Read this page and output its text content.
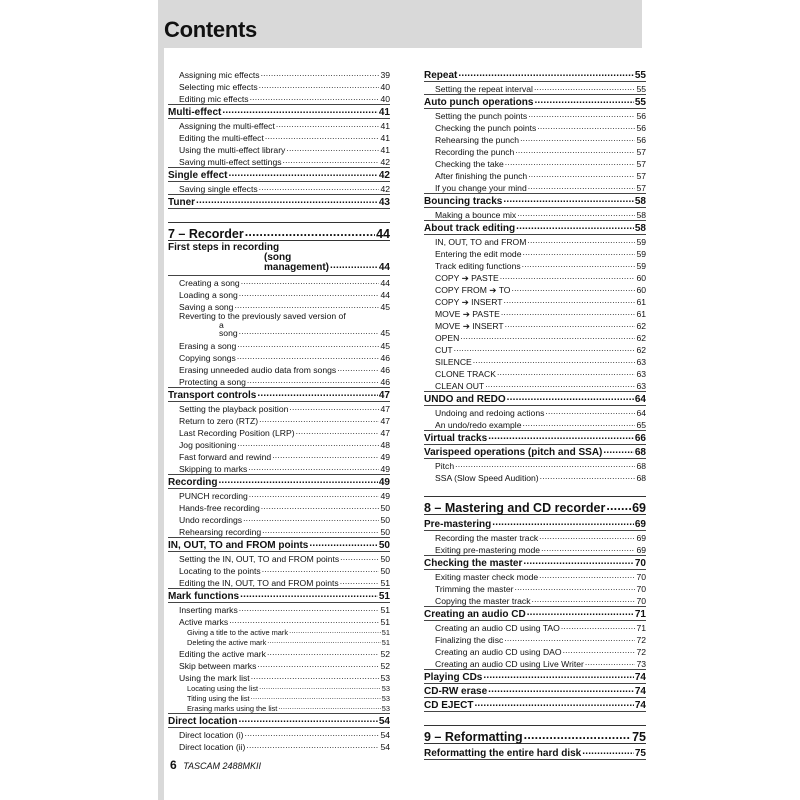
Contents
Assigning mic effects .....	39
Selecting mic effects .....	40
Editing mic effects .....	40
Multi-effect .....	41
Assigning the multi-effect .....	41
Editing the multi-effect .....	41
Using the multi-effect library .....	41
Saving multi-effect settings .....	42
Single effect .....	42
Saving single effects .....	42
Tuner .....	43
7 – Recorder .....	44
First steps in recording
(song management) .....	44
Creating a song .....	44
Loading a song .....	44
Saving a song .....	45
Reverting to the previously saved version of
a song .....	45
Erasing a song .....	45
Copying songs .....	46
Erasing unneeded audio data from songs .....	46
Protecting a song .....	46
Transport controls .....	47
Setting the playback position .....	47
Return to zero (RTZ) .....	47
Last Recording Position (LRP) .....	47
Jog positioning .....	48
Fast forward and rewind .....	49
Skipping to marks .....	49
Recording .....	49
PUNCH recording .....	49
Hands-free recording .....	50
Undo recordings .....	50
Rehearsing recording .....	50
IN, OUT, TO and FROM points .....	50
Setting the IN, OUT, TO and FROM points .....	50
Locating to the points .....	50
Editing the IN, OUT, TO and FROM points .....	51
Mark functions .....	51
Inserting marks .....	51
Active marks .....	51
Giving a title to the active mark .....	51
Deleting the active mark .....	51
Editing the active mark .....	52
Skip between marks .....	52
Using the mark list .....	53
Locating using the list .....	53
Titling using the list .....	53
Erasing marks using the list .....	53
Direct location .....	54
Direct location (i) .....	54
Direct location (ii) .....	54
Repeat .....	55
Setting the repeat interval .....	55
Auto punch operations .....	55
Setting the punch points .....	56
Checking the punch points .....	56
Rehearsing the punch .....	56
Recording the punch .....	57
Checking the take .....	57
After finishing the punch .....	57
If you change your mind .....	57
Bouncing tracks .....	58
Making a bounce mix .....	58
About track editing .....	58
IN, OUT, TO and FROM .....	59
Entering the edit mode .....	59
Track editing functions .....	59
COPY ➔ PASTE .....	60
COPY FROM ➔ TO .....	60
COPY ➔ INSERT .....	61
MOVE ➔ PASTE .....	61
MOVE ➔ INSERT .....	62
OPEN .....	62
CUT .....	62
SILENCE .....	63
CLONE TRACK .....	63
CLEAN OUT .....	63
UNDO and REDO .....	64
Undoing and redoing actions .....	64
An undo/redo example .....	65
Virtual tracks .....	66
Varispeed operations (pitch and SSA) .....	68
Pitch .....	68
SSA (Slow Speed Audition) .....	68
8 – Mastering and CD recorder ..... 69
Pre-mastering .....	69
Recording the master track .....	69
Exiting pre-mastering mode .....	69
Checking the master .....	70
Exiting master check mode .....	70
Trimming the master .....	70
Copying the master track .....	70
Creating an audio CD .....	71
Creating an audio CD using TAO .....	71
Finalizing the disc .....	72
Creating an audio CD using DAO .....	72
Creating an audio CD using Live Writer .....	73
Playing CDs .....	74
CD-RW erase .....	74
CD EJECT .....	74
9 – Reformatting .....	75
Reformatting the entire hard disk .....	75
6 TASCAM 2488MKII
